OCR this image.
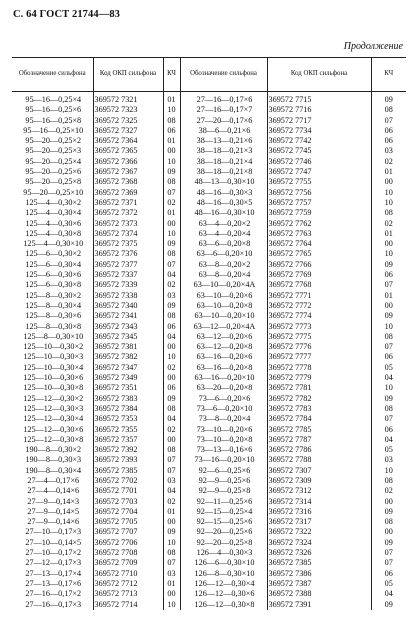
С. 64 ГОСТ 21744—83
Продолжение
Обозначение сильфона	Код ОКП сильфона	КЧ	Обозначение сильфона	Код ОКП сильфона	КЧ
95—16—0,25×4	369572 7321	01	27—16—0,17×6	369572 7715	09
95—16—0,25×6	369572 7323	10	27—16—0,17×7	369572 7716	08
95—16—0,25×8	369572 7325	08	27—20—0,17×6	369572 7717	07
95—16—0,25×10	369572 7327	06	38—6—0,21×6	369572 7734	06
95—20—0,25×2	369572 7364	01	38—13—0,21×6	369572 7742	06
95—20—0,25×3	369572 7365	00	38—18—0,21×3	369572 7745	03
95—20—0,25×4	369572 7366	10	38—18—0,21×4	369572 7746	02
95—20—0,25×6	369572 7367	09	38—18—0,21×8	369572 7747	01
95—20—0,25×8	369572 7368	08	48—13—0,30×10	369572 7755	00
95—20—0,25×10	369572 7369	07	48—16—0,30×3	369572 7756	10
125—4—0,30×2	369572 7371	02	48—16—0,30×5	369572 7757	10
125—4—0,30×4	369572 7372	01	48—16—0,30×10	369572 7759	08
125—4—0,30×6	369572 7373	00	63—4—0,20×2	369572 7762	02
125—4—0,30×8	369572 7374	10	63—4—0,20×4	369572 7763	01
125—4—0,30×10	369572 7375	09	63—6—0,20×8	369572 7764	00
125—6—0,30×2	369572 7376	08	63—6—0,20×10	369572 7765	10
125—6—0,30×4	369572 7377	07	63—8—0,20×2	369572 7766	09
125—6—0,30×6	369572 7337	04	63—8—0,20×4	369572 7769	06
125—6—0,30×8	369572 7339	02	63—10—0,20×4А	369572 7768	07
125—8—0,30×2	369572 7338	03	63—10—0,20×6	369572 7771	01
125—8—0,30×4	369572 7340	09	63—10—0,20×8	369572 7772	00
125—8—0,30×6	369572 7341	08	63—10—0,20×10	369572 7774	09
125—8—0,30×8	369572 7343	06	63—12—0,20×4А	369572 7773	10
125—8—0,30×10	369572 7345	04	63—12—0,20×6	369572 7775	08
125—10—0,30×2	369572 7381	00	63—12—0,20×8	369572 7776	07
125—10—0,30×3	369572 7382	10	63—16—0,20×6	369572 7777	06
125—10—0,30×4	369572 7347	02	63—16—0,20×8	369572 7778	05
125—10—0,30×6	369572 7349	00	63—16—0,20×10	369572 7779	04
125—10—0,30×8	369572 7351	06	63—20—0,20×8	369572 7781	10
125—12—0,30×2	369572 7383	09	73—6—0,20×6	369572 7782	09
125—12—0,30×3	369572 7384	08	73—6—0,20×10	369572 7783	08
125—12—0,30×4	369572 7353	04	73—8—0,20×4	369572 7784	07
125—12—0,30×6	369572 7355	02	73—10—0,20×6	369572 7785	06
125—12—0,30×8	369572 7357	00	73—10—0,20×8	369572 7787	04
190—8—0,30×2	369572 7392	08	73—13—0,16×6	369572 7786	05
190—8—0,30×3	369572 7393	07	73—16—0,20×10	369572 7788	03
190—8—0,30×4	369572 7385	07	92—6—0,25×6	369572 7307	10
27—4—0,17×6	369572 7702	03	92—9—0,25×6	369572 7309	08
27—4—0,14×6	369572 7701	04	92—9—0,25×8	369572 7312	02
27—9—0,14×3	369572 7703	02	92—11—0,25×6	369572 7314	00
27—9—0,14×5	369572 7704	01	92—15—0,25×4	369572 7316	09
27—9—0,14×6	369572 7705	00	92—15—0,25×6	369572 7317	08
27—10—0,17×3	369572 7707	09	92—20—0,25×6	369572 7322	00
27—10—0,14×5	369572 7706	10	92—20—0,25×8	369572 7324	09
27—10—0,17×2	369572 7708	08	126—4—0,30×3	369572 7326	07
27—12—0,17×3	369572 7709	07	126—6—0,30×10	369572 7385	07
27—13—0,17×4	369572 7710	03	126—8—0,30×10	369572 7386	06
27—13—0,17×6	369572 7712	01	126—12—0,30×4	369572 7387	05
27—16—0,17×2	369572 7713	00	126—12—0,30×6	369572 7388	04
27—16—0,17×3	369572 7714	10	126—12—0,30×8	369572 7391	09
